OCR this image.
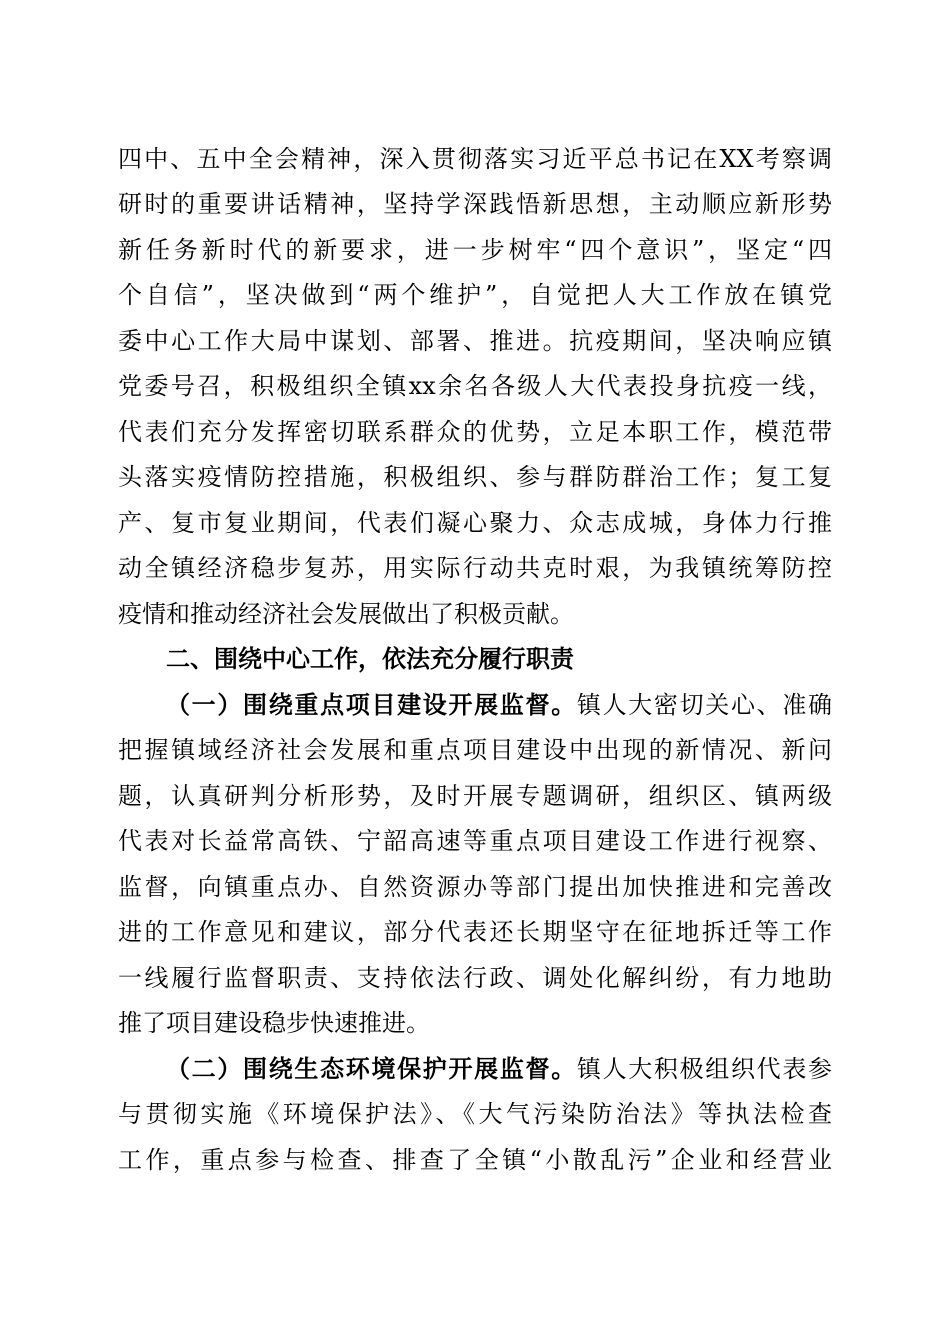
四中、五中全会精神，深入贯彻落实习近平总书记在XX考察调
研时的重要讲话精神，坚持学深践悟新思想，主动顺应新形势
新任务新时代的新要求，进一步树牢“四个意识”，坚定“四
个自信”，坚决做到“两个维护”，自觉把人大工作放在镇党
委中心工作大局中谋划、部署、推进。抗疫期间，坚决响应镇
党委号召，积极组织全镇xx余名各级人大代表投身抗疫一线，
代表们充分发挥密切联系群众的优势，立足本职工作，模范带
头落实疫情防控措施，积极组织、参与群防群治工作；复工复
产、复市复业期间，代表们凝心聚力、众志成城，身体力行推
动全镇经济稳步复苏，用实际行动共克时艰，为我镇统筹防控
疫情和推动经济社会发展做出了积极贡献。
二、围绕中心工作，依法充分履行职责
（一）围绕重点项目建设开展监督。镇人大密切关心、准确
把握镇域经济社会发展和重点项目建设中出现的新情况、新问
题，认真研判分析形势，及时开展专题调研，组织区、镇两级
代表对长益常高铁、宁韶高速等重点项目建设工作进行视察、
监督，向镇重点办、自然资源办等部门提出加快推进和完善改
进的工作意见和建议，部分代表还长期坚守在征地拆迁等工作
一线履行监督职责、支持依法行政、调处化解纠纷，有力地助
推了项目建设稳步快速推进。
（二）围绕生态环境保护开展监督。镇人大积极组织代表参
与贯彻实施《环境保护法》、《大气污染防治法》等执法检查
工作，重点参与检查、排查了全镇“小散乱污”企业和经营业
